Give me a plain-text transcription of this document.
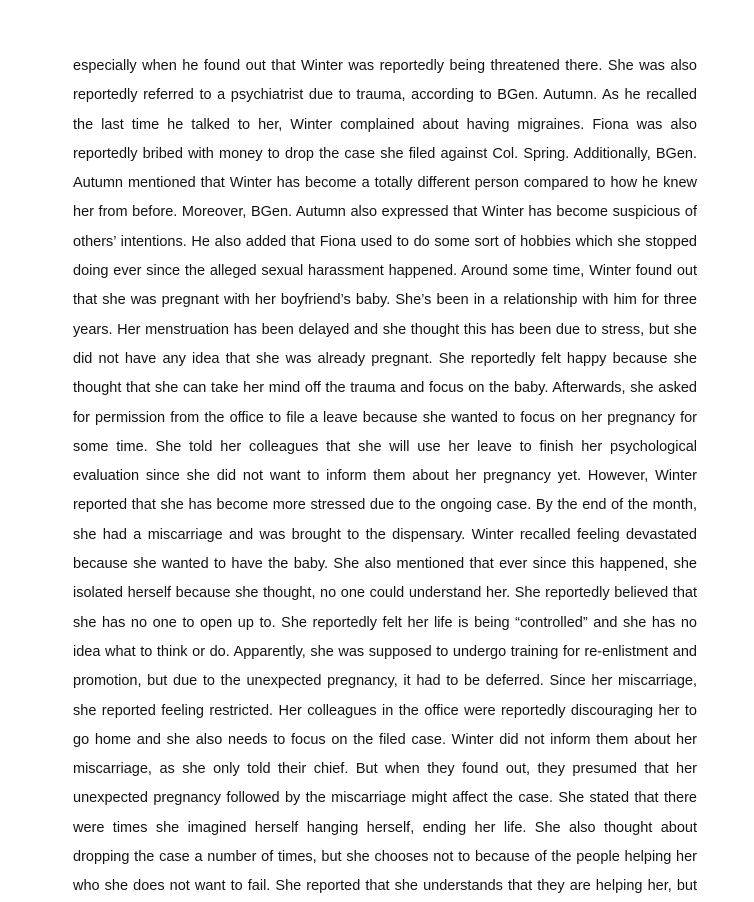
especially when he found out that Winter was reportedly being threatened there. She was also
reportedly referred to a psychiatrist due to trauma, according to BGen. Autumn. As he recalled
the last time he talked to her, Winter complained about having migraines. Fiona was also
reportedly bribed with money to drop the case she filed against Col. Spring. Additionally, BGen.
Autumn mentioned that Winter has become a totally different person compared to how he knew
her from before. Moreover, BGen. Autumn also expressed that Winter has become suspicious of
others’ intentions. He also added that Fiona used to do some sort of hobbies which she stopped
doing ever since the alleged sexual harassment happened. Around some time, Winter found out
that she was pregnant with her boyfriend’s baby. She’s been in a relationship with him for three
years. Her menstruation has been delayed and she thought this has been due to stress, but she
did not have any idea that she was already pregnant. She reportedly felt happy because she
thought that she can take her mind off the trauma and focus on the baby. Afterwards, she asked
for permission from the office to file a leave because she wanted to focus on her pregnancy for
some time. She told her colleagues that she will use her leave to finish her psychological
evaluation since she did not want to inform them about her pregnancy yet. However, Winter
reported that she has become more stressed due to the ongoing case. By the end of the month,
she had a miscarriage and was brought to the dispensary. Winter recalled feeling devastated
because she wanted to have the baby. She also mentioned that ever since this happened, she
isolated herself because she thought, no one could understand her. She reportedly believed that
she has no one to open up to. She reportedly felt her life is being “controlled” and she has no
idea what to think or do. Apparently, she was supposed to undergo training for re-enlistment and
promotion, but due to the unexpected pregnancy, it had to be deferred. Since her miscarriage,
she reported feeling restricted. Her colleagues in the office were reportedly discouraging her to
go home and she also needs to focus on the filed case. Winter did not inform them about her
miscarriage, as she only told their chief. But when they found out, they presumed that her
unexpected pregnancy followed by the miscarriage might affect the case. She stated that there
were times she imagined herself hanging herself, ending her life. She also thought about
dropping the case a number of times, but she chooses not to because of the people helping her
who she does not want to fail. She reported that she understands that they are helping her, but
